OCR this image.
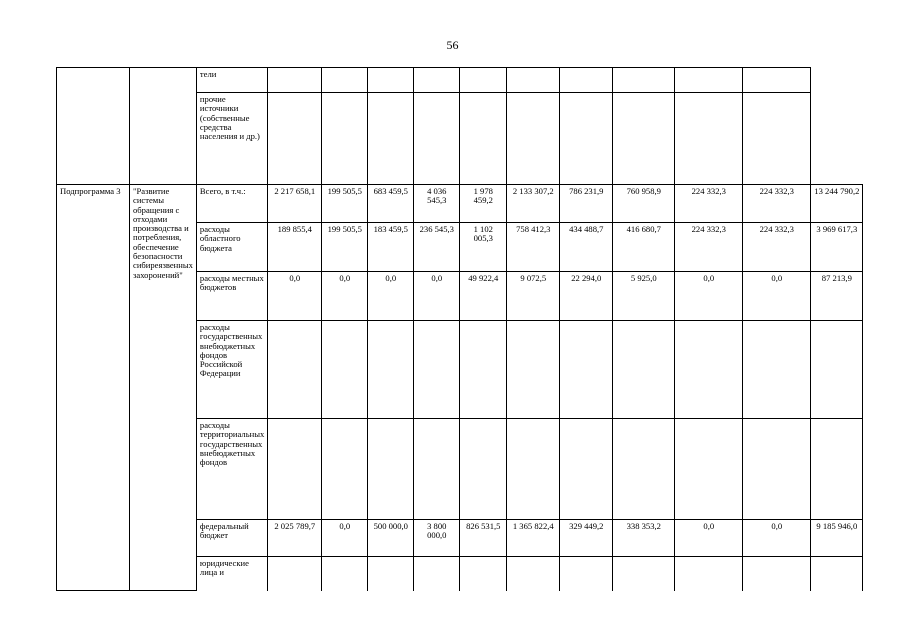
56
		тели											
		прочие источники (собственные средства населения и др.)											
Подпрограмма 3	"Развитие системы обращения с отходами производства и потребления, обеспечение безопасности сибиреязвенных захоронений"	Всего, в т.ч.:	2 217 658,1	199 505,5	683 459,5	4 036 545,3	1 978 459,2	2 133 307,2	786 231,9	760 958,9	224 332,3	224 332,3	13 244 790,2
		расходы областного бюджета	189 855,4	199 505,5	183 459,5	236 545,3	1 102 005,3	758 412,3	434 488,7	416 680,7	224 332,3	224 332,3	3 969 617,3
		расходы местных бюджетов	0,0	0,0	0,0	0,0	49 922,4	9 072,5	22 294,0	5 925,0	0,0	0,0	87 213,9
		расходы государственных внебюджетных фондов Российской Федерации											
		расходы территориальных государственных внебюджетных фондов											
		федеральный бюджет	2 025 789,7	0,0	500 000,0	3 800 000,0	826 531,5	1 365 822,4	329 449,2	338 353,2	0,0	0,0	9 185 946,0
		юридические лица и											
